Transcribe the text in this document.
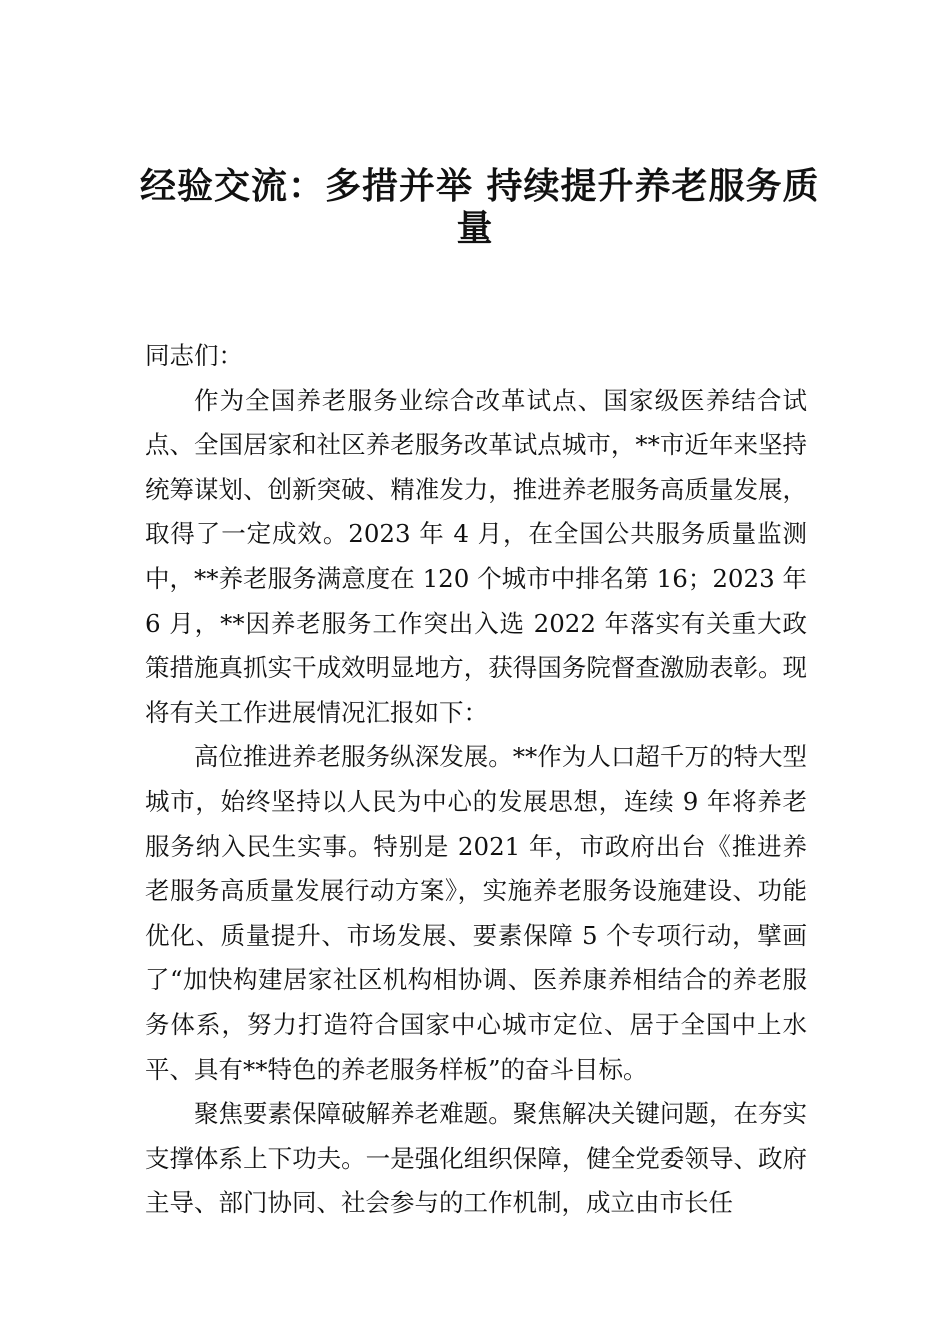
经验交流：多措并举 持续提升养老服务质
量

同志们：

作为全国养老服务业综合改革试点、国家级医养结合试点、全国居家和社区养老服务改革试点城市，**市近年来坚持统筹谋划、创新突破、精准发力，推进养老服务高质量发展，取得了一定成效。2023 年 4 月，在全国公共服务质量监测中，**养老服务满意度在 120 个城市中排名第 16；2023 年 6 月，**因养老服务工作突出入选 2022 年落实有关重大政策措施真抓实干成效明显地方，获得国务院督查激励表彰。现将有关工作进展情况汇报如下：

高位推进养老服务纵深发展。**作为人口超千万的特大型城市，始终坚持以人民为中心的发展思想，连续 9 年将养老服务纳入民生实事。特别是 2021 年，市政府出台《推进养老服务高质量发展行动方案》，实施养老服务设施建设、功能优化、质量提升、市场发展、要素保障 5 个专项行动，擘画了“加快构建居家社区机构相协调、医养康养相结合的养老服务体系，努力打造符合国家中心城市定位、居于全国中上水平、具有**特色的养老服务样板”的奋斗目标。

聚焦要素保障破解养老难题。聚焦解决关键问题，在夯实支撑体系上下功夫。一是强化组织保障，健全党委领导、政府主导、部门协同、社会参与的工作机制，成立由市长任
